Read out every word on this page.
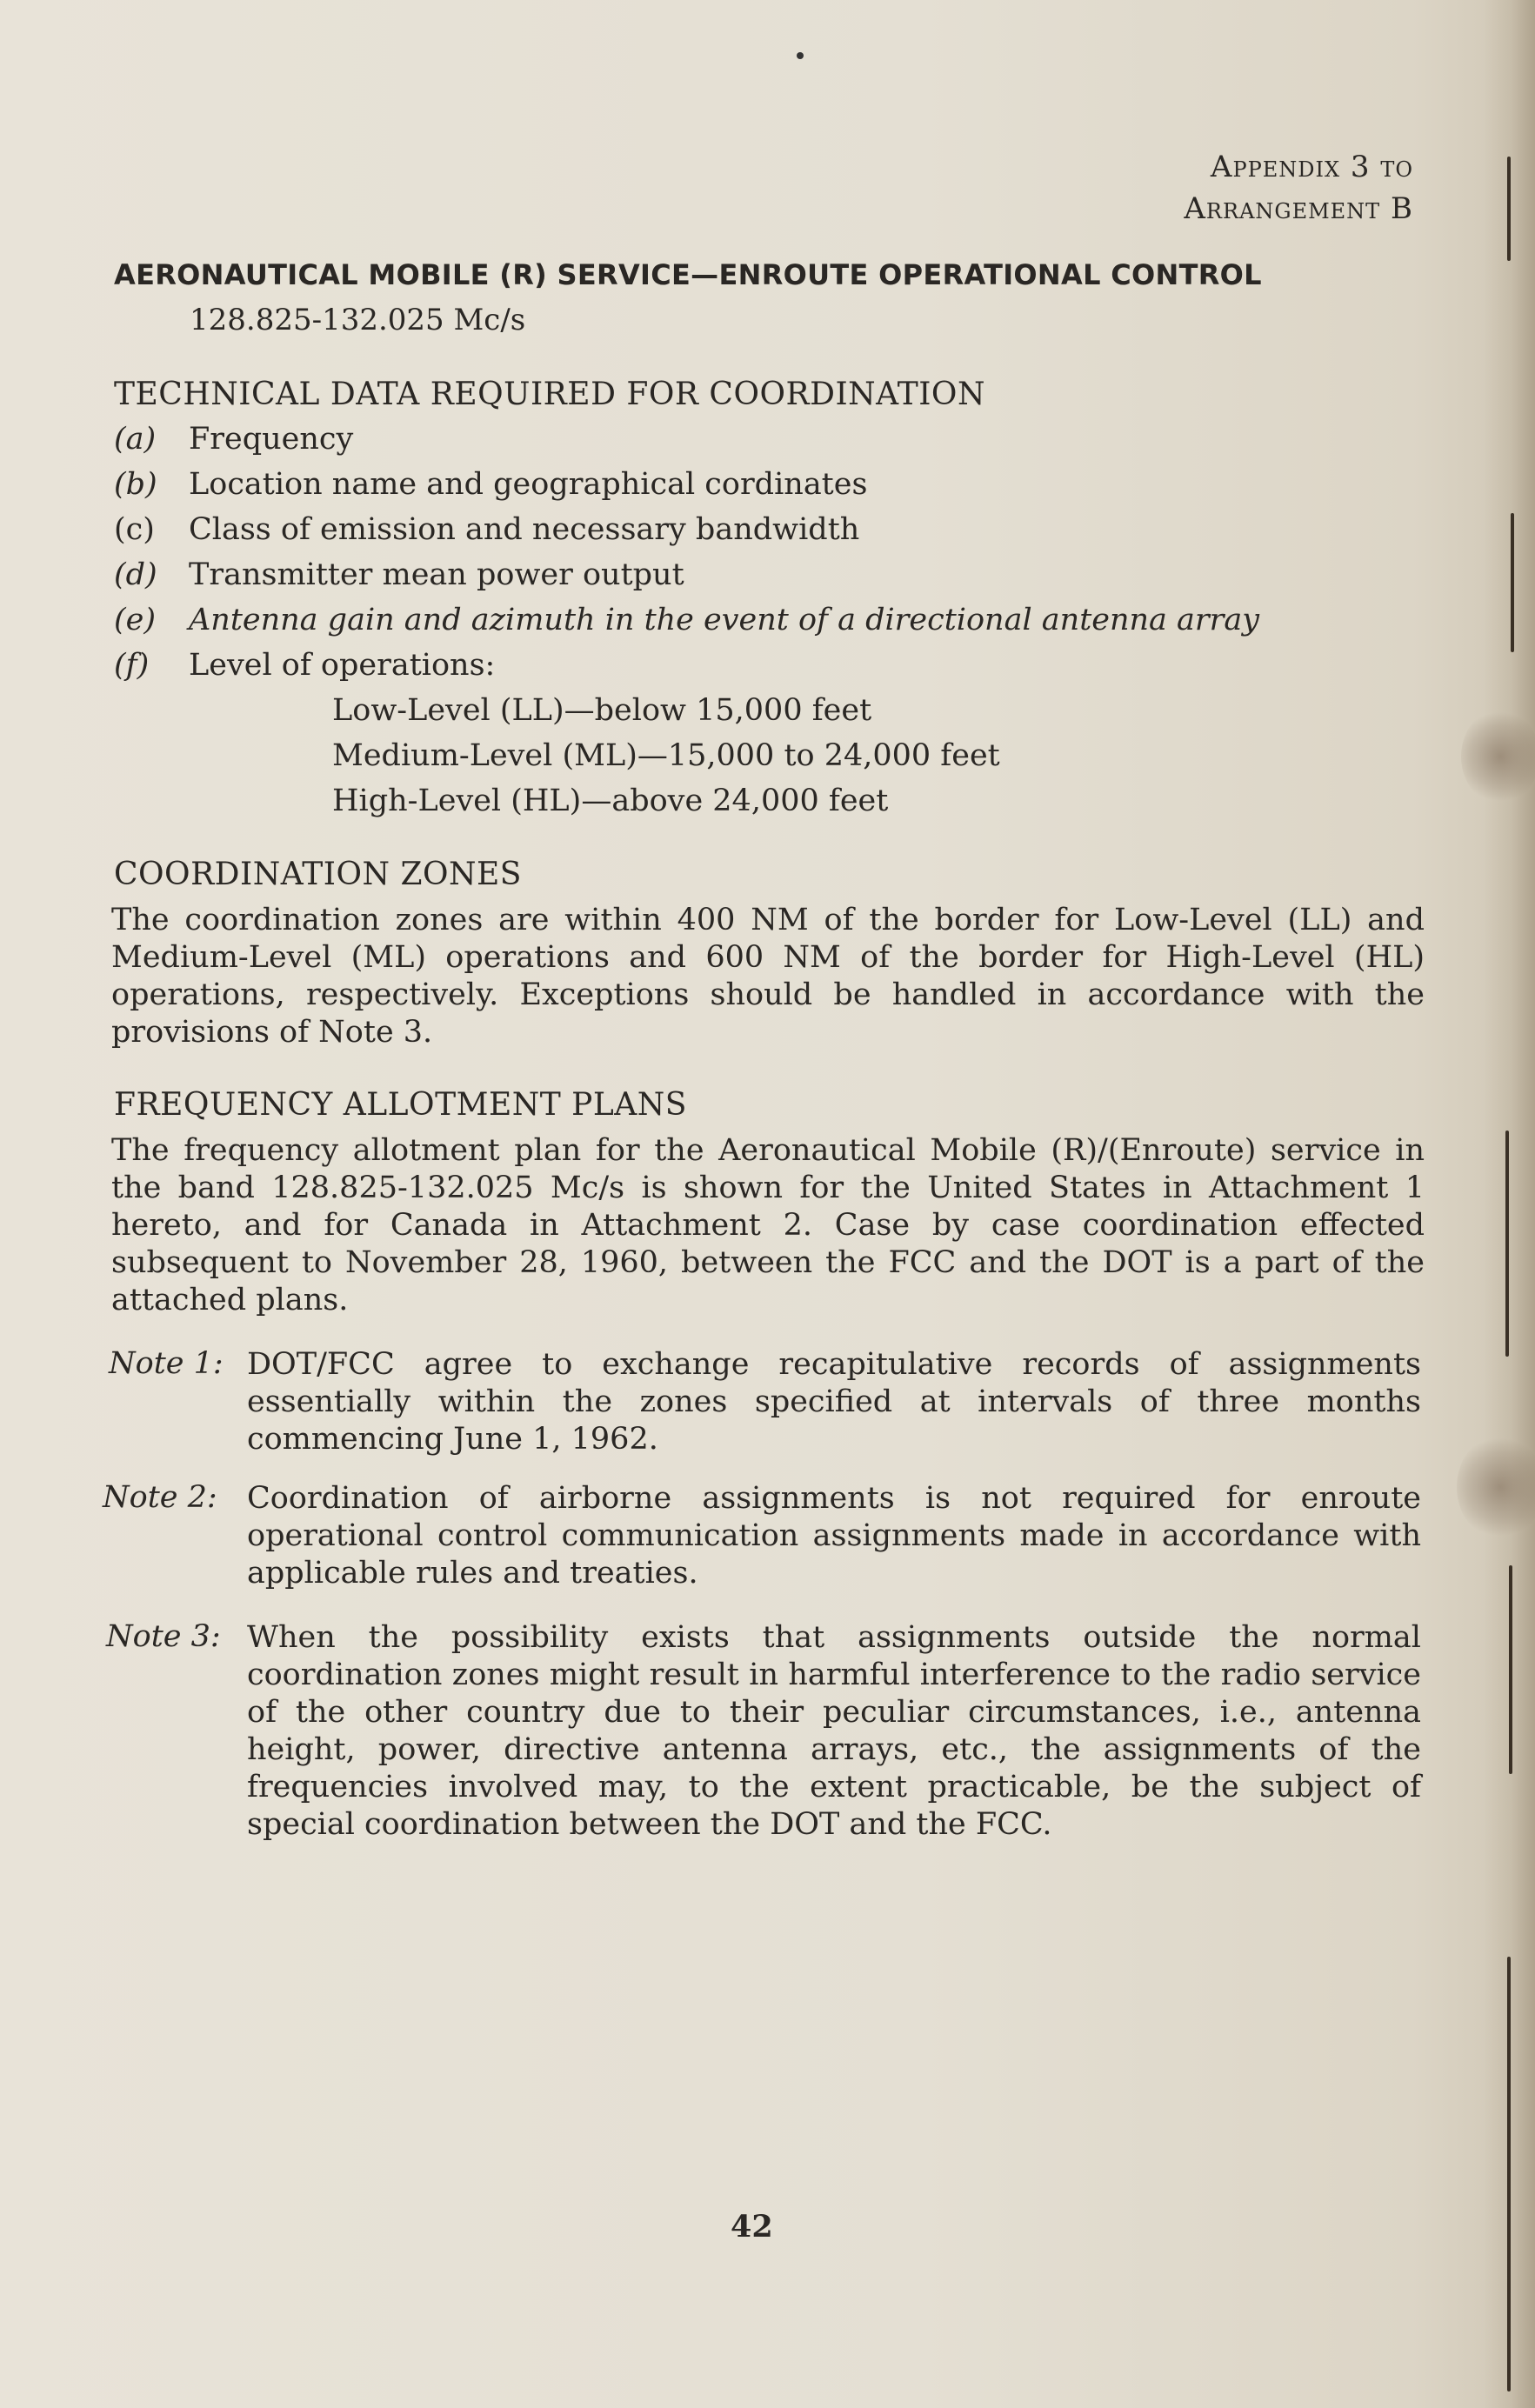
Appendix 3 to
Arrangement B
AERONAUTICAL MOBILE (R) SERVICE—ENROUTE OPERATIONAL CONTROL
128.825-132.025 Mc/s
TECHNICAL DATA REQUIRED FOR COORDINATION
(a) Frequency
(b) Location name and geographical cordinates
(c) Class of emission and necessary bandwidth
(d) Transmitter mean power output
(e) Antenna gain and azimuth in the event of a directional antenna array
(f) Level of operations:
Low-Level (LL)—below 15,000 feet
Medium-Level (ML)—15,000 to 24,000 feet
High-Level (HL)—above 24,000 feet
COORDINATION ZONES
The coordination zones are within 400 NM of the border for Low-Level (LL) and Medium-Level (ML) operations and 600 NM of the border for High-Level (HL) operations, respectively. Exceptions should be handled in accordance with the provisions of Note 3.
FREQUENCY ALLOTMENT PLANS
The frequency allotment plan for the Aeronautical Mobile (R)/(Enroute) service in the band 128.825-132.025 Mc/s is shown for the United States in Attachment 1 hereto, and for Canada in Attachment 2. Case by case coordination effected subsequent to November 28, 1960, between the FCC and the DOT is a part of the attached plans.
Note 1: DOT/FCC agree to exchange recapitulative records of assignments essentially within the zones specified at intervals of three months commencing June 1, 1962.
Note 2: Coordination of airborne assignments is not required for enroute operational control communication assignments made in accordance with applicable rules and treaties.
Note 3: When the possibility exists that assignments outside the normal coordination zones might result in harmful interference to the radio service of the other country due to their peculiar circumstances, i.e., antenna height, power, directive antenna arrays, etc., the assignments of the frequencies involved may, to the extent practicable, be the subject of special coordination between the DOT and the FCC.
42
